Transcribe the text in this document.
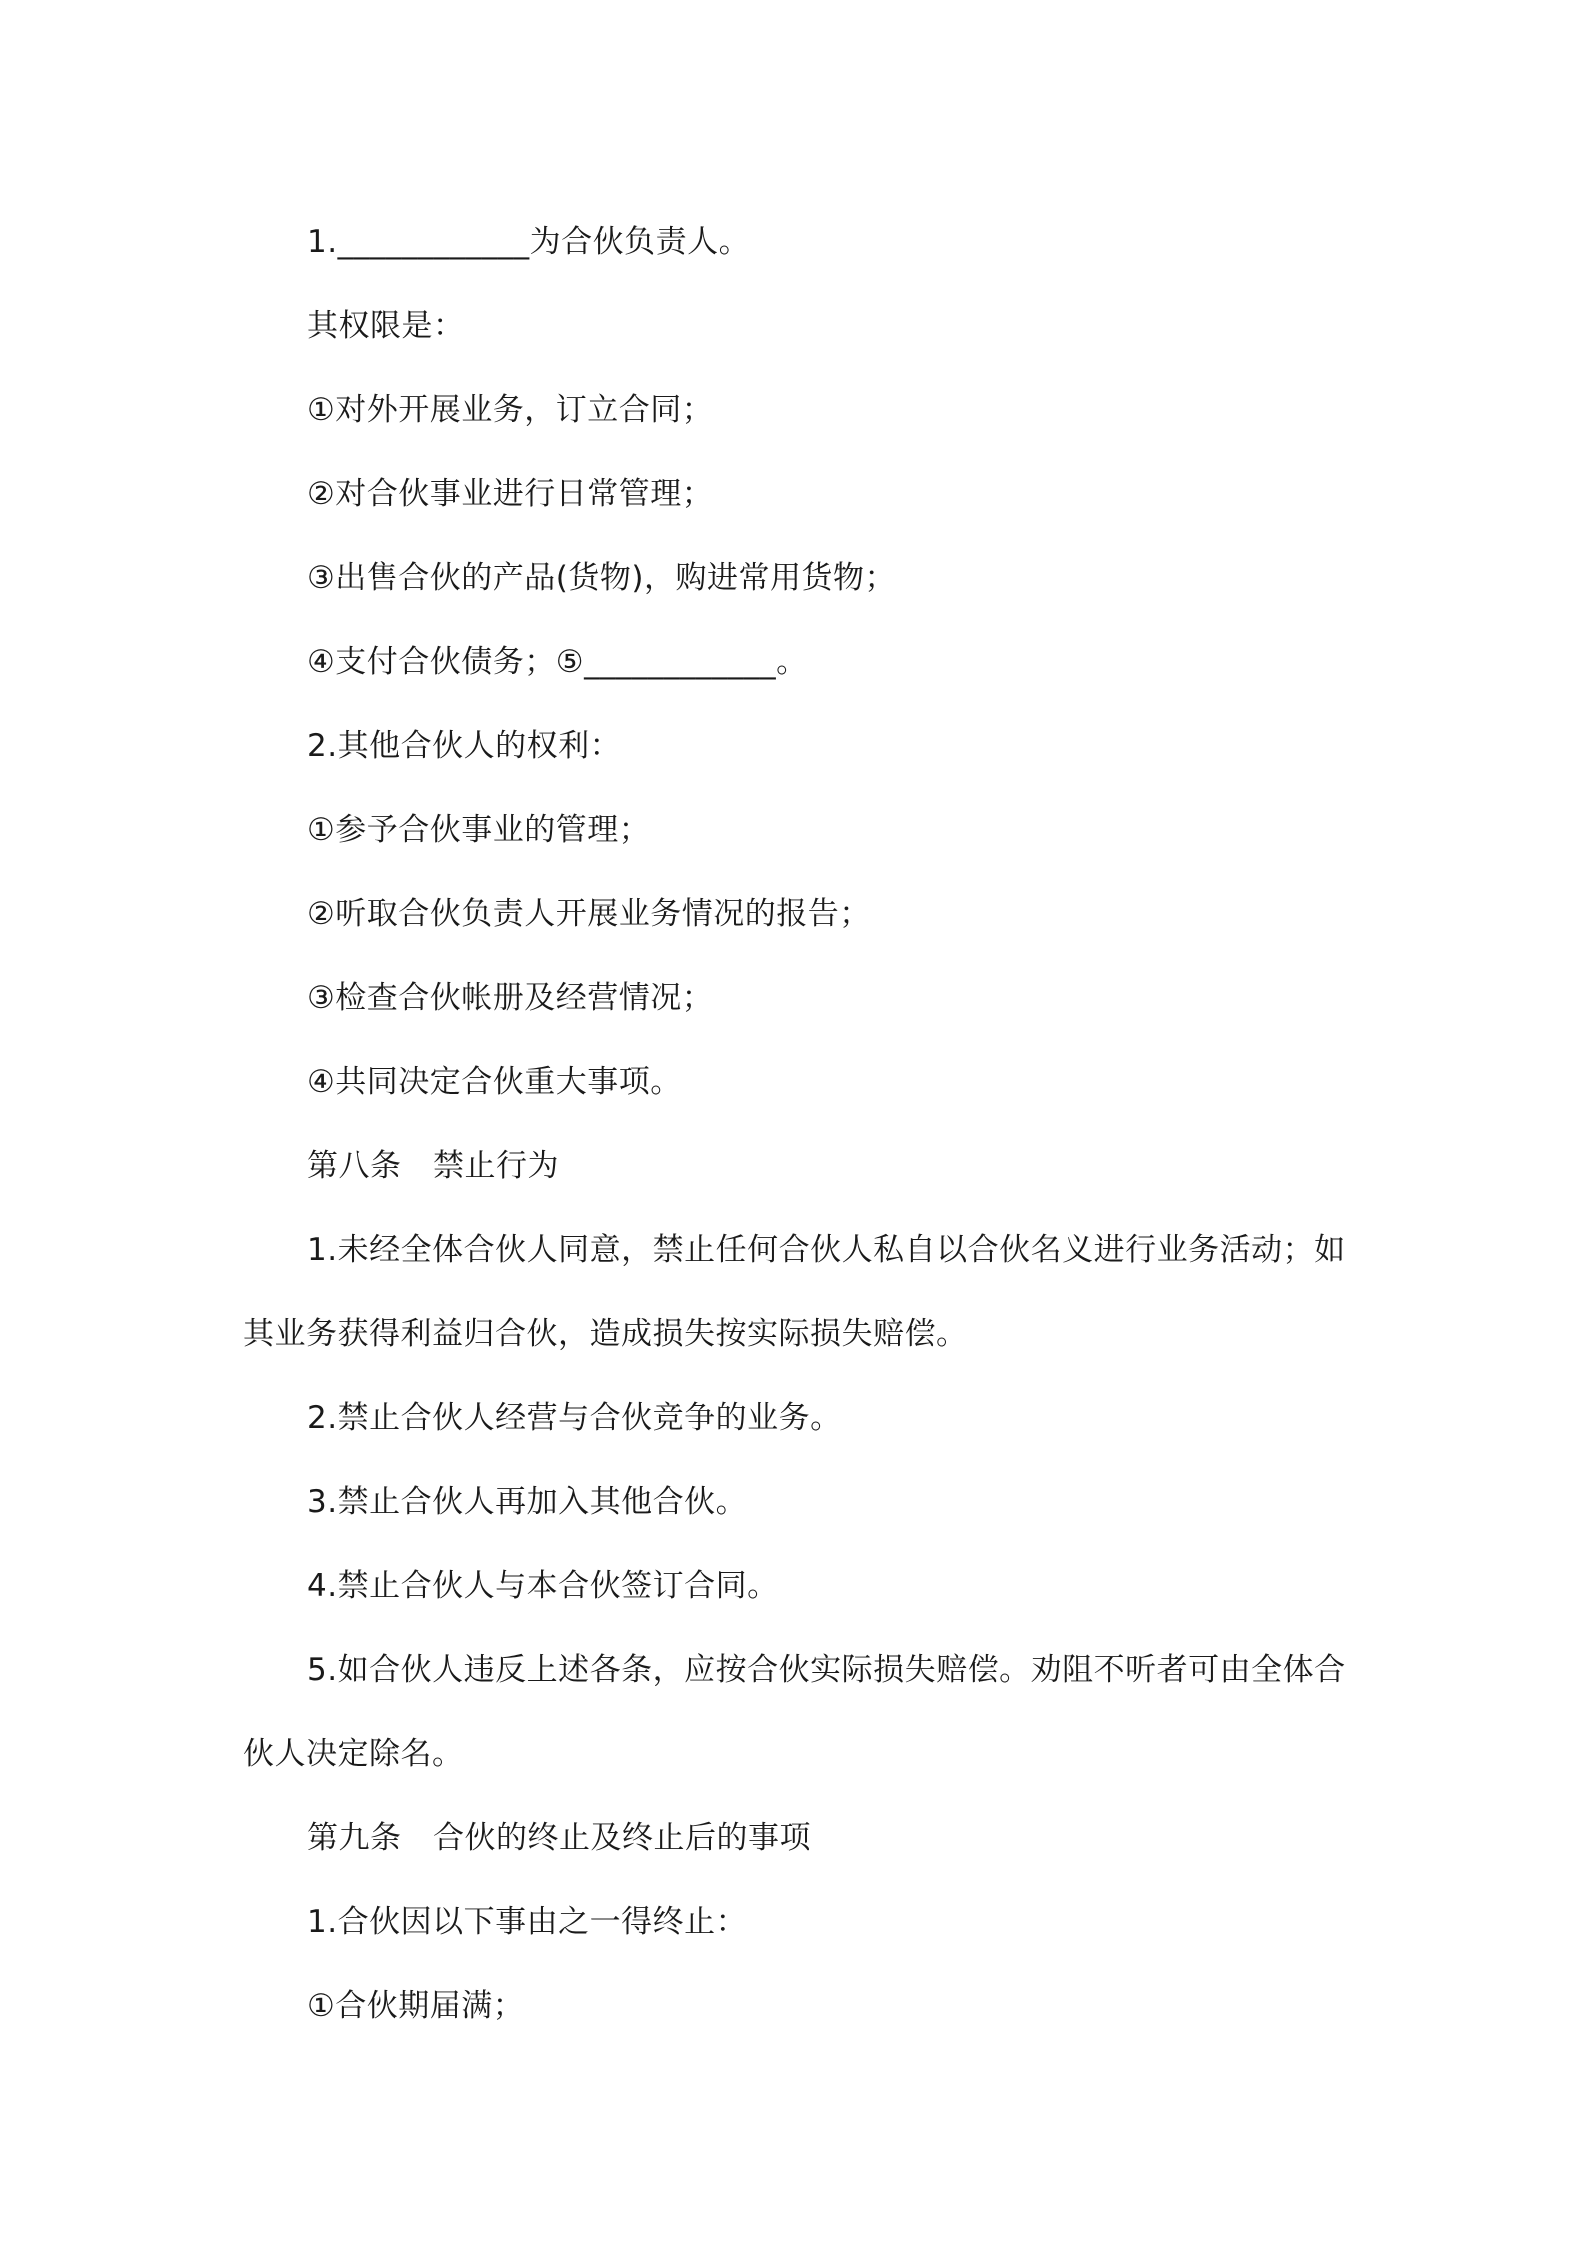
1.____________为合伙负责人。

其权限是：

①对外开展业务，订立合同；

②对合伙事业进行日常管理；

③出售合伙的产品(货物)，购进常用货物；

④支付合伙债务；⑤____________。

2.其他合伙人的权利：

①参予合伙事业的管理；

②听取合伙负责人开展业务情况的报告；

③检查合伙帐册及经营情况；

④共同决定合伙重大事项。

第八条　禁止行为

1.未经全体合伙人同意，禁止任何合伙人私自以合伙名义进行业务活动；如其业务获得利益归合伙，造成损失按实际损失赔偿。

2.禁止合伙人经营与合伙竞争的业务。

3.禁止合伙人再加入其他合伙。

4.禁止合伙人与本合伙签订合同。

5.如合伙人违反上述各条，应按合伙实际损失赔偿。劝阻不听者可由全体合伙人决定除名。

第九条　合伙的终止及终止后的事项

1.合伙因以下事由之一得终止：

①合伙期届满；
